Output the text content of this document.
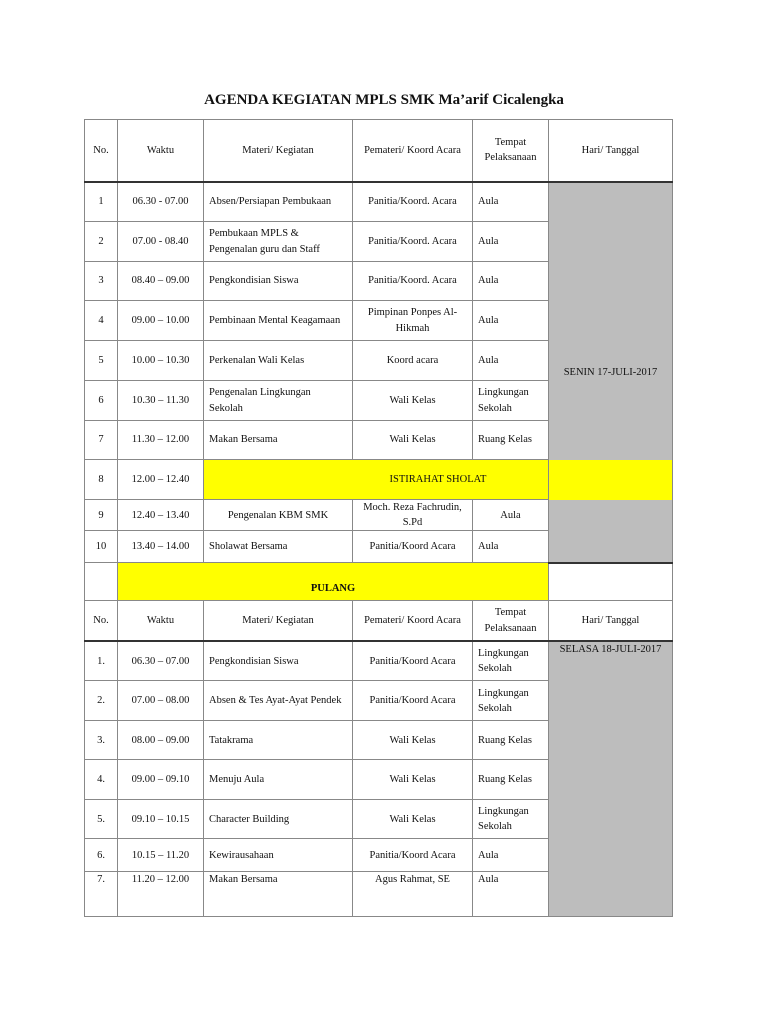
AGENDA KEGIATAN MPLS SMK Ma’arif Cicalengka
No.	Waktu	Materi/ Kegiatan	Pemateri/ Koord Acara	Tempat Pelaksanaan	Hari/ Tanggal
1	06.30 - 07.00	Absen/Persiapan Pembukaan	Panitia/Koord. Acara	Aula	SENIN 17-JULI-2017
2	07.00 - 08.40	Pembukaan MPLS & Pengenalan guru dan Staff	Panitia/Koord. Acara	Aula	
3	08.40 – 09.00	Pengkondisian Siswa	Panitia/Koord. Acara	Aula	
4	09.00 – 10.00	Pembinaan Mental Keagamaan	Pimpinan Ponpes Al-Hikmah	Aula	
5	10.00 – 10.30	Perkenalan Wali Kelas	Koord acara	Aula	
6	10.30 – 11.30	Pengenalan Lingkungan Sekolah	Wali Kelas	Lingkungan Sekolah	
7	11.30 – 12.00	Makan Bersama	Wali Kelas	Ruang Kelas	
8	12.00 – 12.40	ISTIRAHAT SHOLAT			
9	12.40 – 13.40	Pengenalan KBM SMK	Moch. Reza Fachrudin, S.Pd	Aula	
10	13.40 – 14.00	Sholawat Bersama	Panitia/Koord Acara	Aula	
	PULANG				
No.	Waktu	Materi/ Kegiatan	Pemateri/ Koord Acara	Tempat Pelaksanaan	Hari/ Tanggal
1.	06.30 – 07.00	Pengkondisian Siswa	Panitia/Koord Acara	Lingkungan Sekolah	SELASA 18-JULI-2017
2.	07.00 – 08.00	Absen & Tes Ayat-Ayat Pendek	Panitia/Koord Acara	Lingkungan Sekolah	
3.	08.00 – 09.00	Tatakrama	Wali Kelas	Ruang Kelas	
4.	09.00 – 09.10	Menuju Aula	Wali Kelas	Ruang Kelas	
5.	09.10 – 10.15	Character Building	Wali Kelas	Lingkungan Sekolah	
6.	10.15 – 11.20	Kewirausahaan	Panitia/Koord Acara	Aula	
7.	11.20 – 12.00	Makan Bersama	Agus Rahmat, SE	Aula	
